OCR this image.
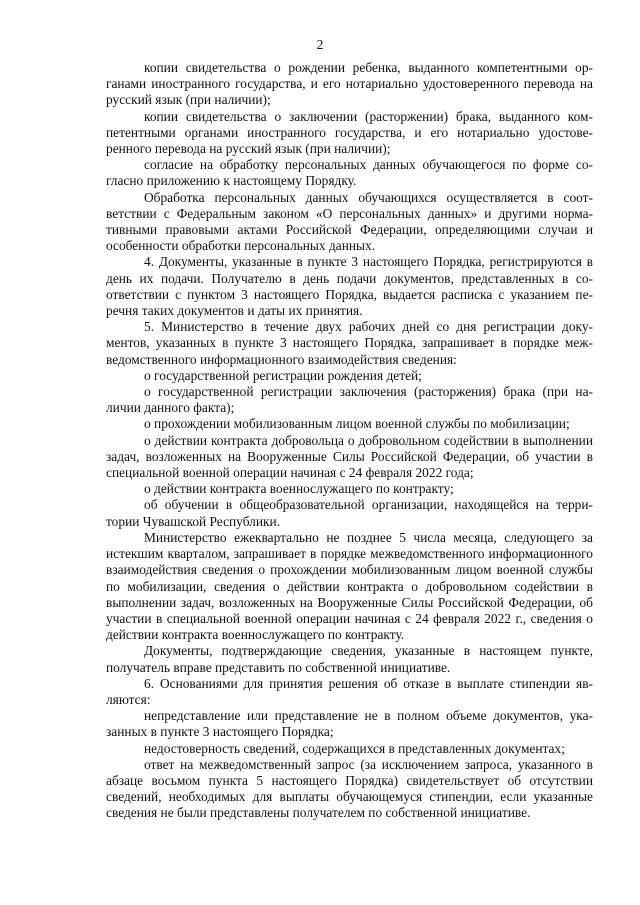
2

копии свидетельства о рождении ребенка, выданного компетентными органами иностранного государства, и его нотариально удостоверенного перевода на русский язык (при наличии);

копии свидетельства о заключении (расторжении) брака, выданного компетентными органами иностранного государства, и его нотариально удостоверенного перевода на русский язык (при наличии);

согласие на обработку персональных данных обучающегося по форме согласно приложению к настоящему Порядку.

Обработка персональных данных обучающихся осуществляется в соответствии с Федеральным законом «О персональных данных» и другими нормативными правовыми актами Российской Федерации, определяющими случаи и особенности обработки персональных данных.

4. Документы, указанные в пункте 3 настоящего Порядка, регистрируются в день их подачи. Получателю в день подачи документов, представленных в соответствии с пунктом 3 настоящего Порядка, выдается расписка с указанием перечня таких документов и даты их принятия.

5. Министерство в течение двух рабочих дней со дня регистрации документов, указанных в пункте 3 настоящего Порядка, запрашивает в порядке межведомственного информационного взаимодействия сведения:

о государственной регистрации рождения детей;

о государственной регистрации заключения (расторжения) брака (при наличии данного факта);

о прохождении мобилизованным лицом военной службы по мобилизации;

о действии контракта добровольца о добровольном содействии в выполнении задач, возложенных на Вооруженные Силы Российской Федерации, об участии в специальной военной операции начиная с 24 февраля 2022 года;

о действии контракта военнослужащего по контракту;

об обучении в общеобразовательной организации, находящейся на территории Чувашской Республики.

Министерство ежеквартально не позднее 5 числа месяца, следующего за истекшим кварталом, запрашивает в порядке межведомственного информационного взаимодействия сведения о прохождении мобилизованным лицом военной службы по мобилизации, сведения о действии контракта о добровольном содействии в выполнении задач, возложенных на Вооруженные Силы Российской Федерации, об участии в специальной военной операции начиная с 24 февраля 2022 г., сведения о действии контракта военнослужащего по контракту.

Документы, подтверждающие сведения, указанные в настоящем пункте, получатель вправе представить по собственной инициативе.

6. Основаниями для принятия решения об отказе в выплате стипендии являются:

непредставление или представление не в полном объеме документов, указанных в пункте 3 настоящего Порядка;

недостоверность сведений, содержащихся в представленных документах;

ответ на межведомственный запрос (за исключением запроса, указанного в абзаце восьмом пункта 5 настоящего Порядка) свидетельствует об отсутствии сведений, необходимых для выплаты обучающемуся стипендии, если указанные сведения не были представлены получателем по собственной инициативе.
